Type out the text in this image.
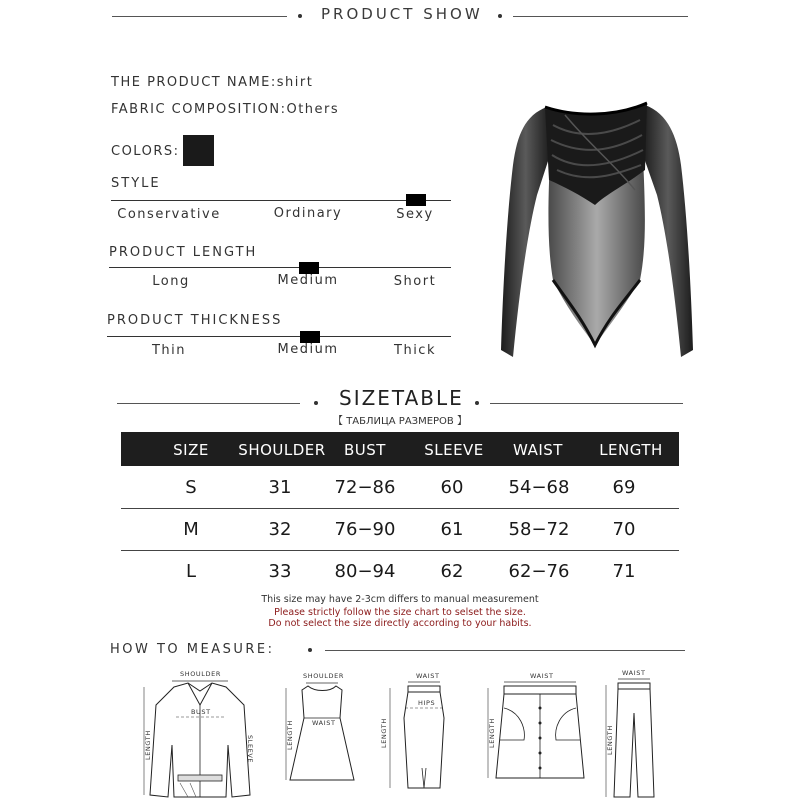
PRODUCT SHOW
THE PRODUCT NAME:shirt
FABRIC COMPOSITION:Others
COLORS:
STYLE
Conservative	Ordinary	Sexy
PRODUCT LENGTH
Long	Medium	Short
PRODUCT THICKNESS
Thin	Medium	Thick
SIZETABLE
【 ТАБЛИЦА РАЗМЕРОВ 】
SIZE SHOULDER BUST	SLEEVE WAIST LENGTH
S	31 72−86	60	54−68 69
M	32 76−90	61	58−72 70
L	33 80−94	62	62−76 71
This size may have 2-3cm differs to manual measurement
Please strictly follow the size chart to selset the size.
Do not select the size directly according to your habits.
HOW TO MEASURE:
SHOULDER
BUST
LENGTH	SLEEVE
SHOULDER
WAIST
LENGTH
WAIST
HIPS
LENGTH
WAIST
LENGTH
WAIST
LENGTH
